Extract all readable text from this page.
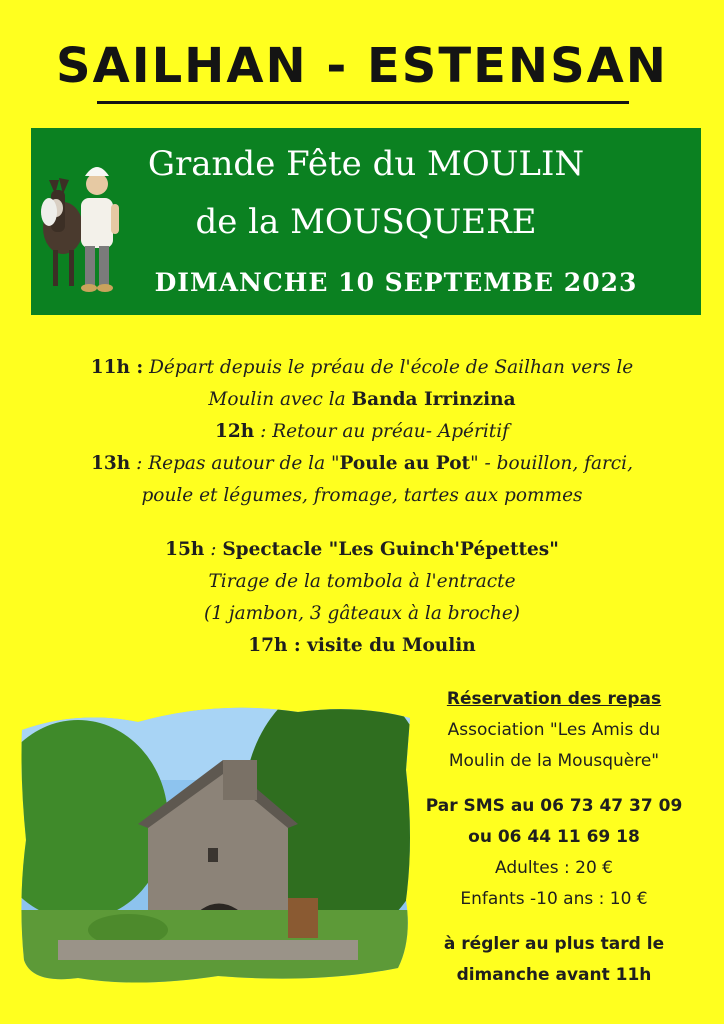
SAILHAN - ESTENSAN
Grande Fête du MOULIN
de la MOUSQUERE
DIMANCHE 10 SEPTEMBE 2023
11h : Départ depuis le préau de l'école de Sailhan vers le
Moulin avec la Banda Irrinzina
12h : Retour au préau- Apéritif
13h : Repas autour de la "Poule au Pot" - bouillon, farci,
poule et légumes, fromage, tartes aux pommes
15h : Spectacle "Les Guinch'Pépettes"
Tirage de la tombola à l'entracte
(1 jambon, 3 gâteaux à la broche)
17h : visite du Moulin
Réservation des repas
Association "Les Amis du
Moulin de la Mousquère"
Par SMS au 06 73 47 37 09
ou 06 44 11 69 18
Adultes : 20 €
Enfants -10 ans : 10 €
à régler au plus tard le
dimanche avant 11h
